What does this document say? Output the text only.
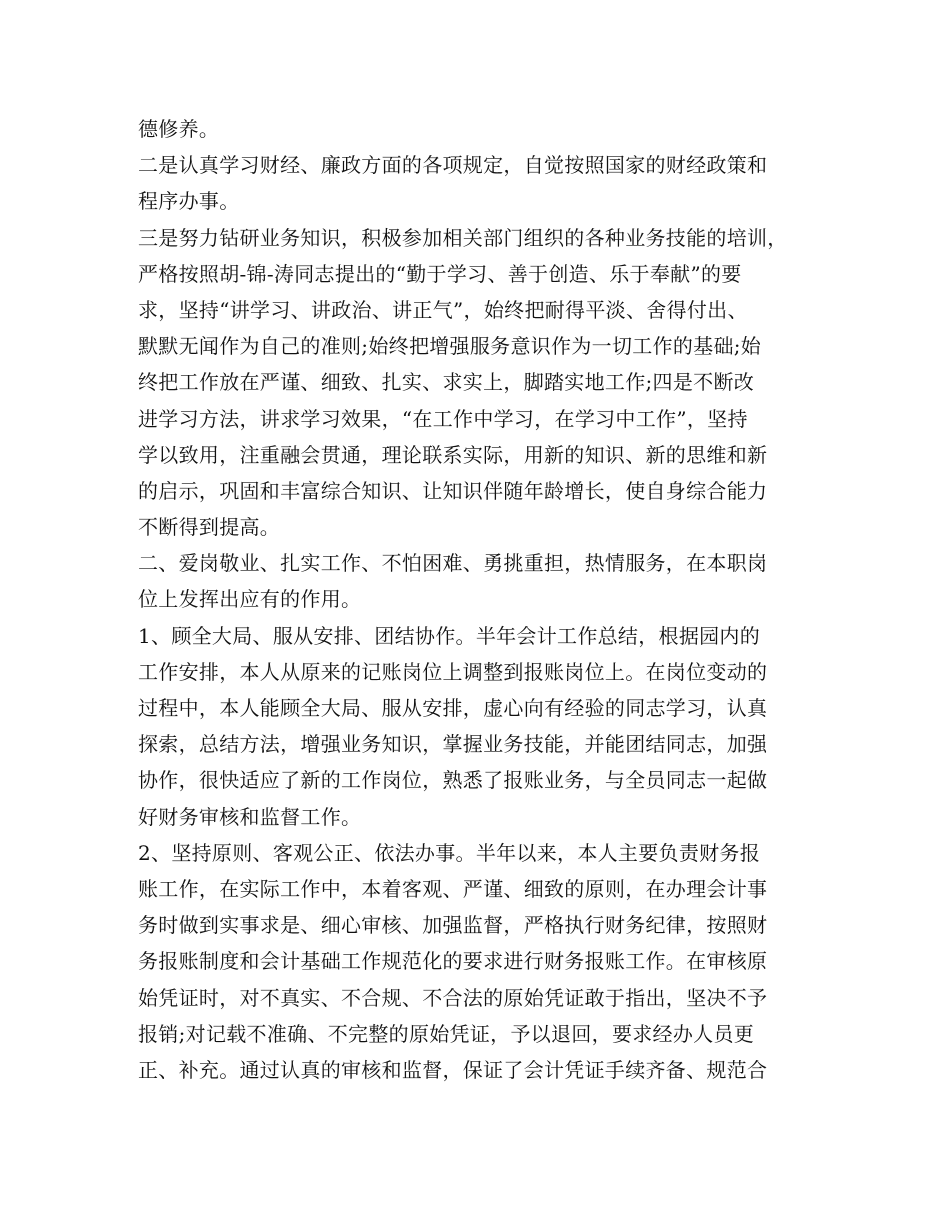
德修养。
二是认真学习财经、廉政方面的各项规定，自觉按照国家的财经政策和
程序办事。
三是努力钻研业务知识，积极参加相关部门组织的各种业务技能的培训，
严格按照胡-锦-涛同志提出的“勤于学习、善于创造、乐于奉献”的要
求，坚持“讲学习、讲政治、讲正气”，始终把耐得平淡、舍得付出、
默默无闻作为自己的准则;始终把增强服务意识作为一切工作的基础;始
终把工作放在严谨、细致、扎实、求实上，脚踏实地工作;四是不断改
进学习方法，讲求学习效果，“在工作中学习，在学习中工作”，坚持
学以致用，注重融会贯通，理论联系实际，用新的知识、新的思维和新
的启示，巩固和丰富综合知识、让知识伴随年龄增长，使自身综合能力
不断得到提高。
二、爱岗敬业、扎实工作、不怕困难、勇挑重担，热情服务，在本职岗
位上发挥出应有的作用。
1、顾全大局、服从安排、团结协作。半年会计工作总结，根据园内的
工作安排，本人从原来的记账岗位上调整到报账岗位上。在岗位变动的
过程中，本人能顾全大局、服从安排，虚心向有经验的同志学习，认真
探索，总结方法，增强业务知识，掌握业务技能，并能团结同志，加强
协作，很快适应了新的工作岗位，熟悉了报账业务，与全员同志一起做
好财务审核和监督工作。
2、坚持原则、客观公正、依法办事。半年以来，本人主要负责财务报
账工作，在实际工作中，本着客观、严谨、细致的原则，在办理会计事
务时做到实事求是、细心审核、加强监督，严格执行财务纪律，按照财
务报账制度和会计基础工作规范化的要求进行财务报账工作。在审核原
始凭证时，对不真实、不合规、不合法的原始凭证敢于指出，坚决不予
报销;对记载不准确、不完整的原始凭证，予以退回，要求经办人员更
正、补充。通过认真的审核和监督，保证了会计凭证手续齐备、规范合
